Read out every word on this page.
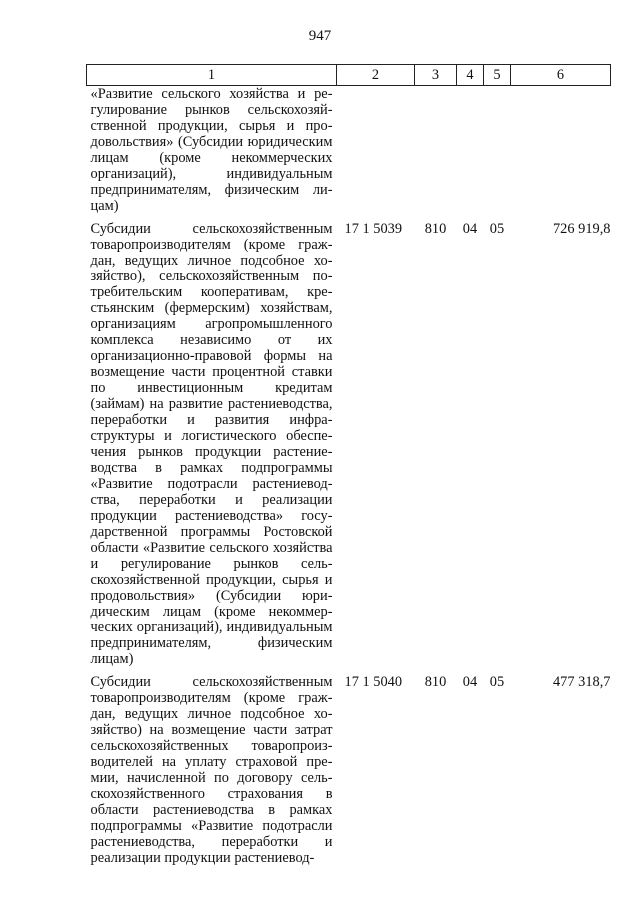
947
1	2	3	4	5	6
«Развитие сельского хозяйства и регулирование рынков сельскохозяйственной продукции, сырья и продовольствия» (Субсидии юридическим лицам (кроме некоммерческих организаций), индивидуальным предпринимателям, физическим лицам)					
Субсидии сельскохозяйственным товаропроизводителям (кроме граждан, ведущих личное подсобное хозяйство), сельскохозяйственным потребительским кооперативам, крестьянским (фермерским) хозяйствам, организациям агропромышленного комплекса независимо от их организационно-правовой формы на возмещение части процентной ставки по инвестиционным кредитам (займам) на развитие растениеводства, переработки и развития инфраструктуры и логистического обеспечения рынков продукции растениеводства в рамках подпрограммы «Развитие подотрасли растениеводства, переработки и реализации продукции растениеводства» государственной программы Ростовской области «Развитие сельского хозяйства и регулирование рынков сельскохозяйственной продукции, сырья и продовольствия» (Субсидии юридическим лицам (кроме некоммерческих организаций), индивидуальным предпринимателям, физическим лицам)	17 1 5039	810	04	05	726 919,8
Субсидии сельскохозяйственным товаропроизводителям (кроме граждан, ведущих личное подсобное хозяйство) на возмещение части затрат сельскохозяйственных товаропроизводителей на уплату страховой премии, начисленной по договору сельскохозяйственного страхования в области растениеводства в рамках подпрограммы «Развитие подотрасли растениеводства, переработки и реализации продукции растениевод-	17 1 5040	810	04	05	477 318,7
